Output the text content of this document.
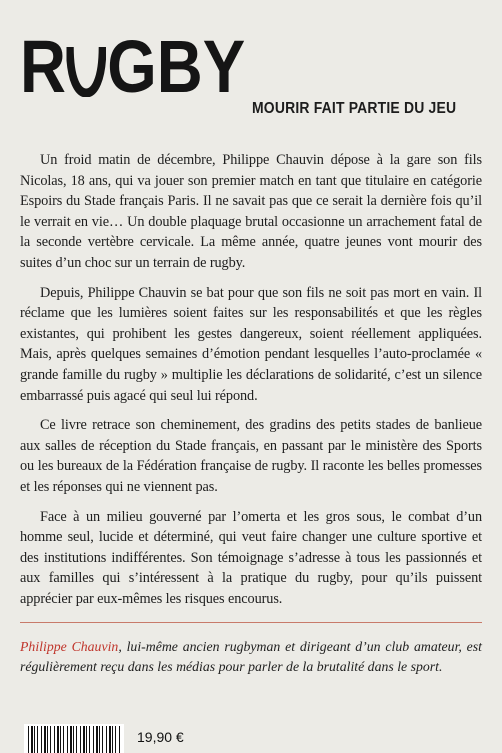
R GBY
MOURIR FAIT PARTIE DU JEU

Un froid matin de décembre, Philippe Chauvin dépose à la gare son fils Nicolas, 18 ans, qui va jouer son premier match en tant que titulaire en catégorie Espoirs du Stade français Paris. Il ne savait pas que ce serait la dernière fois qu’il le verrait en vie… Un double plaquage brutal occasionne un arrachement fatal de la seconde vertèbre cervicale. La même année, quatre jeunes vont mourir des suites d’un choc sur un terrain de rugby.

Depuis, Philippe Chauvin se bat pour que son fils ne soit pas mort en vain. Il réclame que les lumières soient faites sur les responsabilités et que les règles existantes, qui prohibent les gestes dangereux, soient réellement appliquées. Mais, après quelques semaines d’émotion pendant lesquelles l’auto-proclamée « grande famille du rugby » multiplie les déclarations de solidarité, c’est un silence embarrassé puis agacé qui seul lui répond.

Ce livre retrace son cheminement, des gradins des petits stades de banlieue aux salles de réception du Stade français, en passant par le ministère des Sports ou les bureaux de la Fédération française de rugby. Il raconte les belles promesses et les réponses qui ne viennent pas.

Face à un milieu gouverné par l’omerta et les gros sous, le combat d’un homme seul, lucide et déterminé, qui veut faire changer une culture sportive et des institutions indifférentes. Son témoignage s’adresse à tous les passionnés et aux familles qui s’intéressent à la pratique du rugby, pour qu’ils puissent apprécier par eux-mêmes les risques encourus.

Philippe Chauvin, lui-même ancien rugbyman et dirigeant d’un club amateur, est régulièrement reçu dans les médias pour parler de la brutalité dans le sport.
19,90 €
